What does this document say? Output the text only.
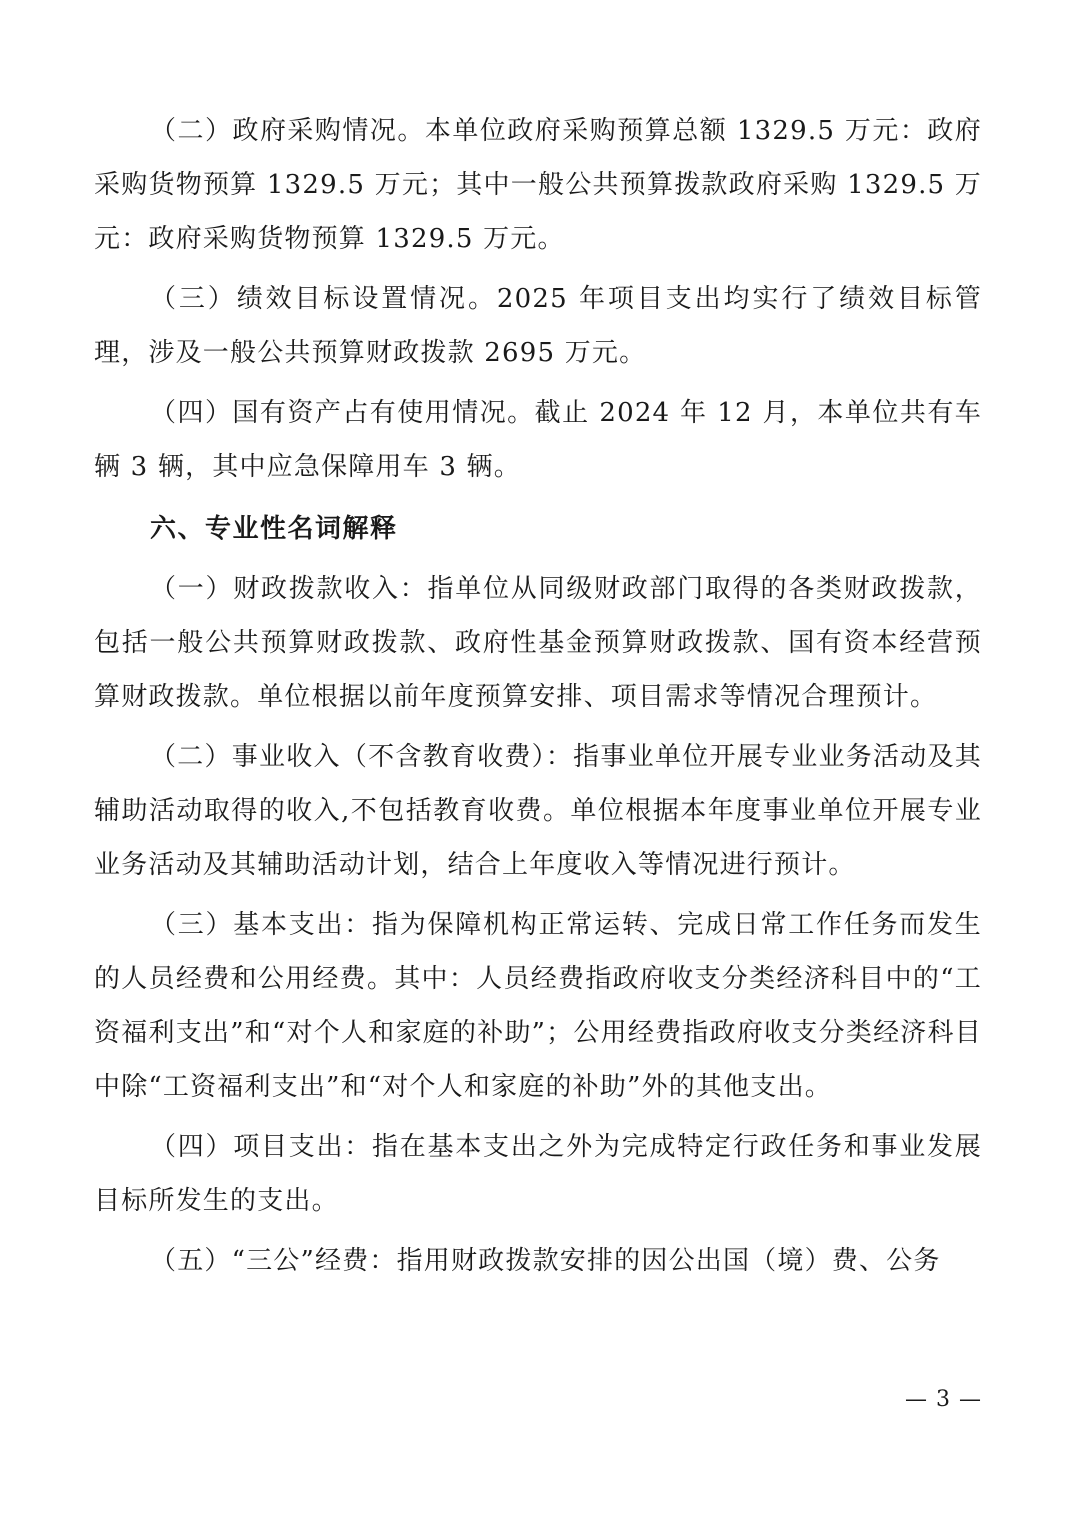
（二）政府采购情况。本单位政府采购预算总额 1329.5 万元：政府采购货物预算 1329.5 万元；其中一般公共预算拨款政府采购 1329.5 万元：政府采购货物预算 1329.5 万元。

（三）绩效目标设置情况。2025 年项目支出均实行了绩效目标管理，涉及一般公共预算财政拨款 2695 万元。

（四）国有资产占有使用情况。截止 2024 年 12 月，本单位共有车辆 3 辆，其中应急保障用车 3 辆。

六、专业性名词解释

（一）财政拨款收入：指单位从同级财政部门取得的各类财政拨款，包括一般公共预算财政拨款、政府性基金预算财政拨款、国有资本经营预算财政拨款。单位根据以前年度预算安排、项目需求等情况合理预计。

（二）事业收入（不含教育收费）：指事业单位开展专业业务活动及其辅助活动取得的收入,不包括教育收费。单位根据本年度事业单位开展专业业务活动及其辅助活动计划，结合上年度收入等情况进行预计。

（三）基本支出：指为保障机构正常运转、完成日常工作任务而发生的人员经费和公用经费。其中：人员经费指政府收支分类经济科目中的“工资福利支出”和“对个人和家庭的补助”；公用经费指政府收支分类经济科目中除“工资福利支出”和“对个人和家庭的补助”外的其他支出。

（四）项目支出：指在基本支出之外为完成特定行政任务和事业发展目标所发生的支出。

（五）“三公”经费：指用财政拨款安排的因公出国（境）费、公务

— 3 —
